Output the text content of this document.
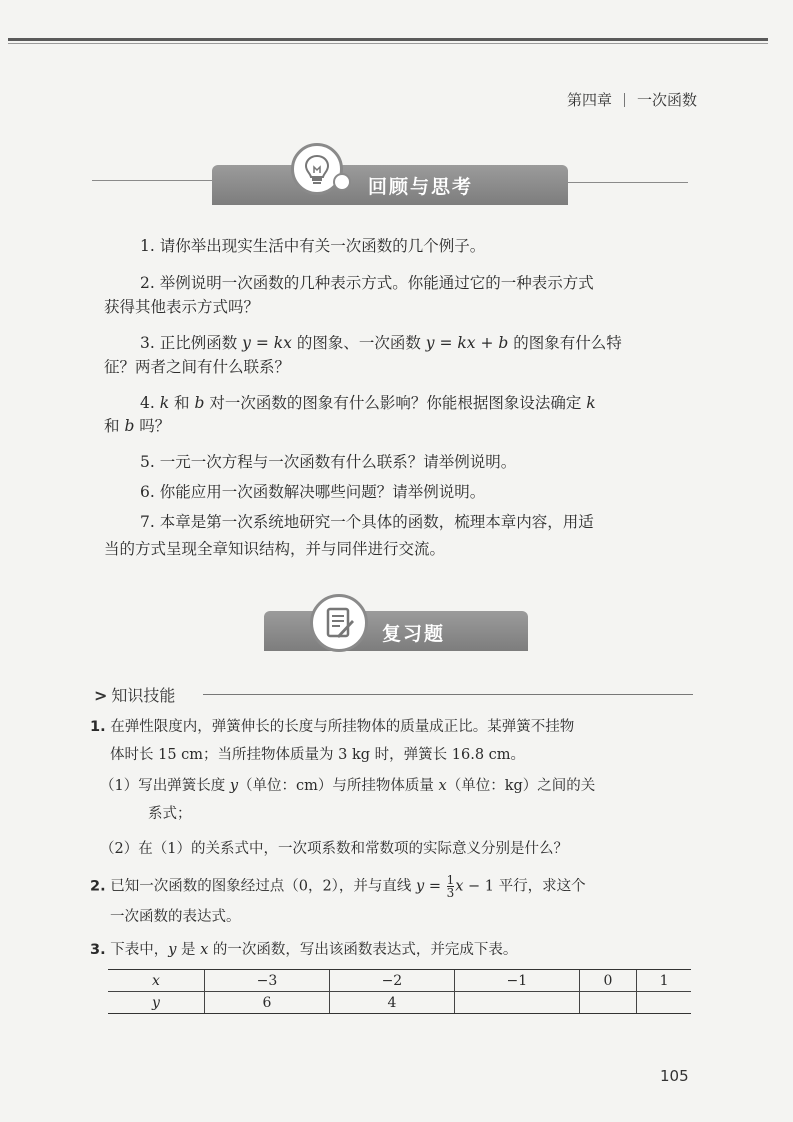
第四章 一次函数
回顾与思考
1. 请你举出现实生活中有关一次函数的几个例子。
2. 举例说明一次函数的几种表示方式。你能通过它的一种表示方式
获得其他表示方式吗？
3. 正比例函数 y = kx 的图象、一次函数 y = kx + b 的图象有什么特
征？两者之间有什么联系？
4. k 和 b 对一次函数的图象有什么影响？你能根据图象设法确定 k
和 b 吗？
5. 一元一次方程与一次函数有什么联系？请举例说明。
6. 你能应用一次函数解决哪些问题？请举例说明。
7. 本章是第一次系统地研究一个具体的函数，梳理本章内容，用适
当的方式呈现全章知识结构，并与同伴进行交流。
复习题
> 知识技能
1. 在弹性限度内，弹簧伸长的长度与所挂物体的质量成正比。某弹簧不挂物
体时长 15 cm；当所挂物体质量为 3 kg 时，弹簧长 16.8 cm。
（1）写出弹簧长度 y（单位：cm）与所挂物体质量 x（单位：kg）之间的关
系式；
（2）在（1）的关系式中，一次项系数和常数项的实际意义分别是什么？
2. 已知一次函数的图象经过点（0，2），并与直线 $y = \frac{1}{3}$ x − 1 平行，求这个
一次函数的表达式。
3. 下表中，y 是 x 的一次函数，写出该函数表达式，并完成下表。
x	−3	−2	−1	0	1
y	6	4			
105
